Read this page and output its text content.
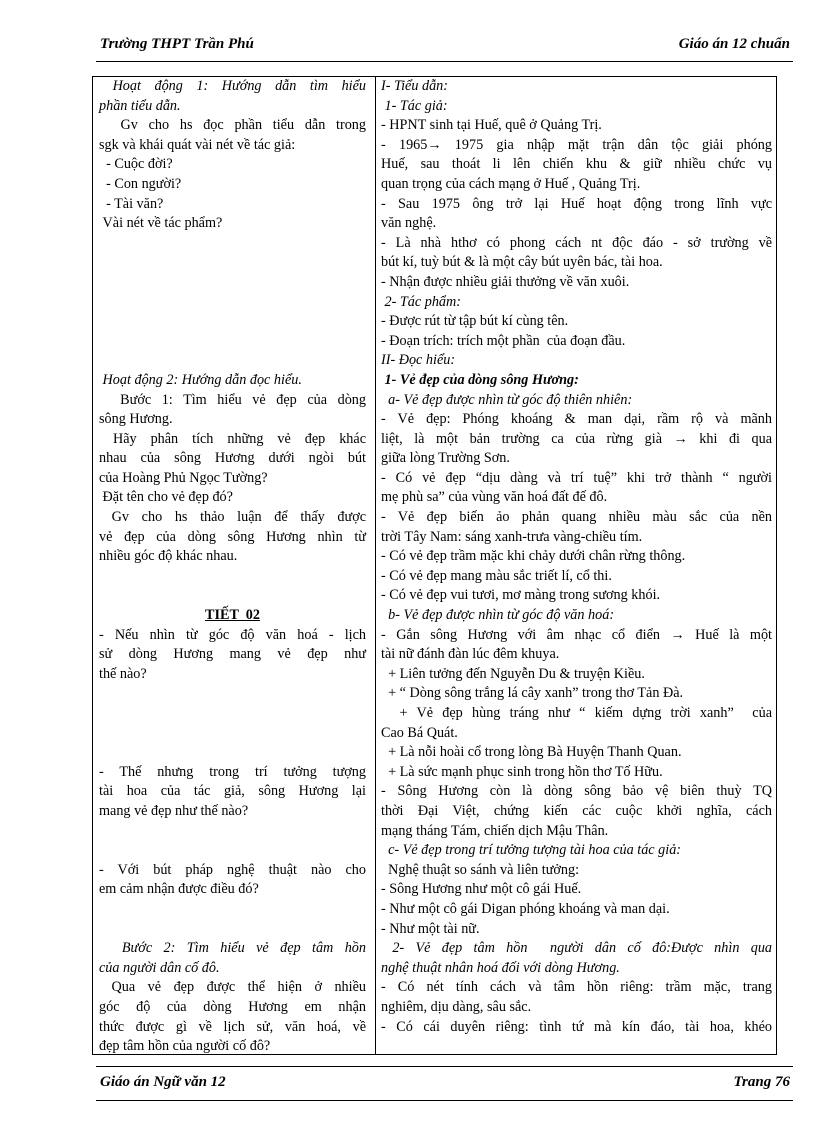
Trường THPT Trần Phú	Giáo án 12 chuẩn
Hoạt động 1: Hướng dẫn tìm hiểu
phần tiểu dẫn.
Gv cho hs đọc phần tiểu dẫn trong
sgk và khái quát vài nét về tác giả:
- Cuộc đời?
- Con người?
- Tài văn?
Vài nét về tác phẩm?
Hoạt động 2: Hướng dẫn đọc hiểu.
Bước 1: Tìm hiểu vẻ đẹp của dòng
sông Hương.
Hãy phân tích những vẻ đẹp khác
nhau của sông Hương dưới ngòi bút
của Hoàng Phủ Ngọc Tường?
Đặt tên cho vẻ đẹp đó?
Gv cho hs thảo luận để thấy được
vẻ đẹp của dòng sông Hương nhìn từ
nhiều góc độ khác nhau.
TIẾT  02
- Nếu nhìn từ góc độ văn hoá - lịch
sử dòng Hương mang vẻ đẹp như
thế nào?
- Thế nhưng trong trí tưởng tượng
tài hoa của tác giả, sông Hương lại
mang vẻ đẹp như thế nào?
- Với bút pháp nghệ thuật nào cho
em cảm nhận được điều đó?
Bước 2: Tìm hiểu vẻ đẹp tâm hồn
của người dân cố đô.
Qua vẻ đẹp được thể hiện ở nhiều
góc độ của dòng Hương em nhận
thức được gì về lịch sử, văn hoá, về
đẹp tâm hồn của người cố đô?
I- Tiểu dẫn:
1- Tác giả:
- HPNT sinh tại Huế, quê ở Quảng Trị.
- 1965→ 1975 gia nhập mặt trận dân tộc giải phóng
Huế, sau thoát li lên chiến khu & giữ nhiều chức vụ
quan trọng của cách mạng ở Huế , Quảng Trị.
- Sau 1975 ông trở lại Huế hoạt động trong lĩnh vực
văn nghệ.
- Là nhà hthơ có phong cách nt độc đáo - sở trường về
bút kí, tuỳ bút & là một cây bút uyên bác, tài hoa.
- Nhận được nhiều giải thưởng về văn xuôi.
2- Tác phẩm:
- Được rút từ tập bút kí cùng tên.
- Đoạn trích: trích một phần  của đoạn đầu.
II- Đọc hiểu:
1- Vẻ đẹp của dòng sông Hương:
a- Vẻ đẹp được nhìn từ góc độ thiên nhiên:
- Vẻ đẹp: Phóng khoáng & man dại, rầm rộ và mãnh
liệt, là một bản trường ca của rừng già → khi đi qua
giữa lòng Trường Sơn.
- Có vẻ đẹp “dịu dàng và trí tuệ” khi trở thành “ người
mẹ phù sa” của vùng văn hoá đất đế đô.
- Vẻ đẹp biến ảo phản quang nhiều màu sắc của nền
trời Tây Nam: sáng xanh-trưa vàng-chiều tím.
- Có vẻ đẹp trầm mặc khi chảy dưới chân rừng thông.
- Có vẻ đẹp mang màu sắc triết lí, cổ thi.
- Có vẻ đẹp vui tươi, mơ màng trong sương khói.
b- Vẻ đẹp được nhìn từ góc độ văn hoá:
- Gắn sông Hương với âm nhạc cổ điển → Huế là một
tài nữ đánh đàn lúc đêm khuya.
+ Liên tưởng đến Nguyễn Du & truyện Kiều.
+ “ Dòng sông trắng lá cây xanh” trong thơ Tản Đà.
+ Vẻ đẹp hùng tráng như “ kiếm dựng trời xanh”  của
Cao Bá Quát.
+ Là nỗi hoài cổ trong lòng Bà Huyện Thanh Quan.
+ Là sức mạnh phục sinh trong hồn thơ Tố Hữu.
- Sông Hương còn là dòng sông bảo vệ biên thuỳ TQ
thời Đại Việt, chứng kiến các cuộc khởi nghĩa, cách
mạng tháng Tám, chiến dịch Mậu Thân.
c- Vẻ đẹp trong trí tưởng tượng tài hoa của tác giả:
Nghệ thuật so sánh và liên tưởng:
- Sông Hương như một cô gái Huế.
- Như một cô gái Digan phóng khoáng và man dại.
- Như một tài nữ.
2- Vẻ đẹp tâm hồn  người dân cố đô:Được nhìn qua
nghệ thuật nhân hoá đối với dòng Hương.
- Có nét tính cách và tâm hồn riêng: trầm mặc, trang
nghiêm, dịu dàng, sâu sắc.
- Có cái duyên riêng: tình tứ mà kín đáo, tài hoa, khéo
Giáo án Ngữ văn 12	Trang 76
